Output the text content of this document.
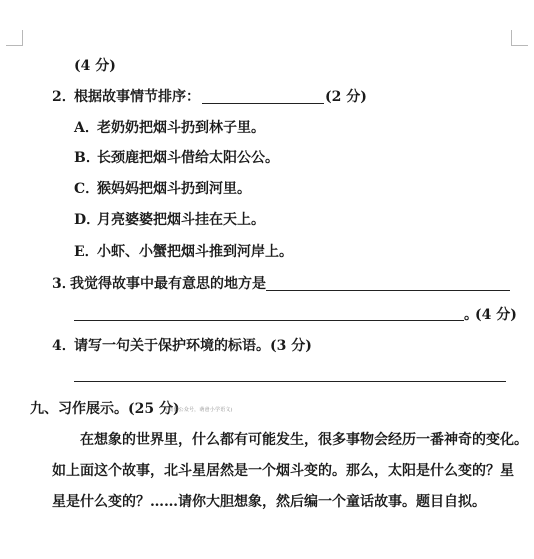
(4 分)
2．
根据故事情节排序：	(2 分)
A．
老奶奶把烟斗扔到林子里。
B．
长颈鹿把烟斗借给太阳公公。
C．
猴妈妈把烟斗扔到河里。
D．
月亮婆婆把烟斗挂在天上。
E．
小虾、小蟹把烟斗推到河岸上。
3．
我觉得故事中最有意思的地方是
。
(4 分)
4．
请写一句关于保护环境的标语。(3 分)
九、习作展示。(25 分)
(微信公众号，萌爸小学语文)
在想象的世界里，什么都有可能发生，很多事物会经历一番神奇的变化。
如上面这个故事，北斗星居然是一个烟斗变的。那么，太阳是什么变的？星
星是什么变的？……请你大胆想象，然后编一个童话故事。题目自拟。
